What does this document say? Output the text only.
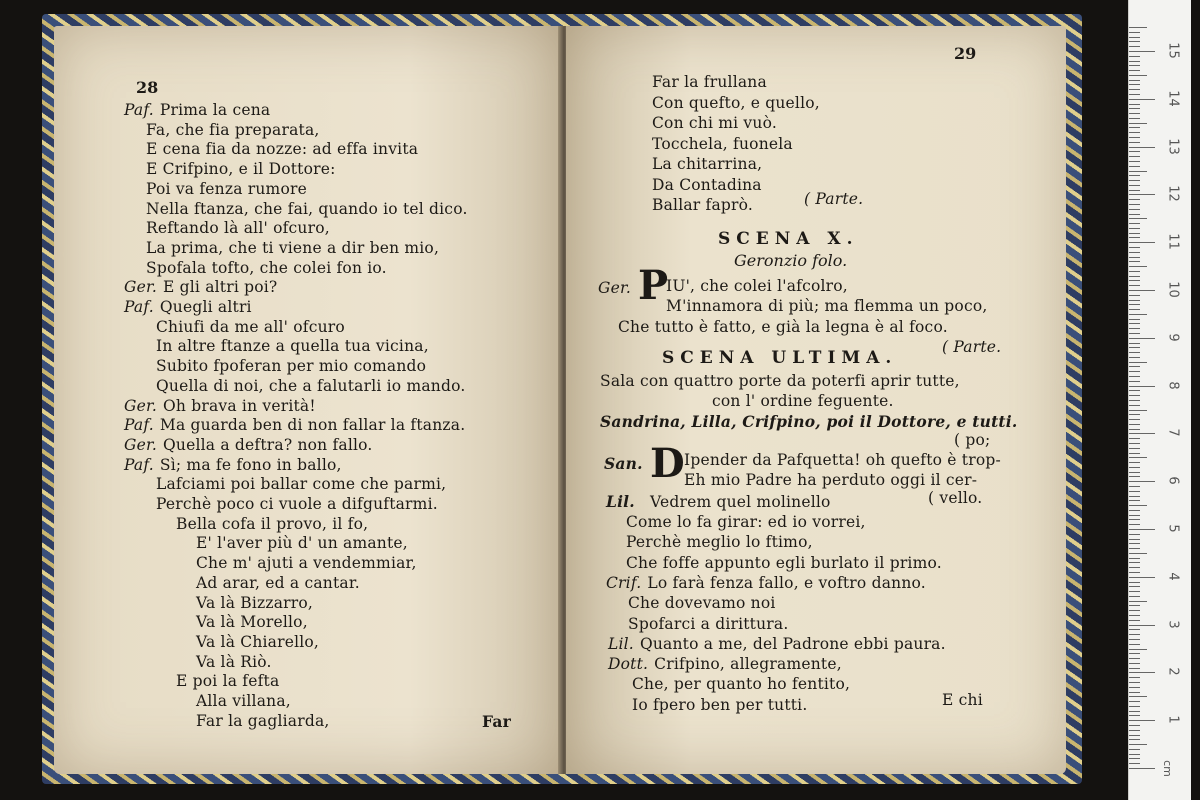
28
Paf. Prima la cena
Fa, che fia preparata,
E cena fia da nozze: ad effa invita
E Crifpino, e il Dottore:
Poi va fenza rumore
Nella ftanza, che fai, quando io tel dico.
Reftando là all' ofcuro,
La prima, che ti viene a dir ben mio,
Spofala tofto, che colei fon io.
Ger. E gli altri poi?
Paf. Quegli altri
Chiufi da me all' ofcuro
In altre ftanze a quella tua vicina,
Subito fpoferan per mio comando
Quella di noi, che a falutarli io mando.
Ger. Oh brava in verità!
Paf. Ma guarda ben di non fallar la ftanza.
Ger. Quella a deftra? non fallo.
Paf. Sì; ma fe fono in ballo,
Lafciami poi ballar come che parmi,
Perchè poco ci vuole a difguftarmi.
Bella cofa il provo, il fo,
E' l'aver più d' un amante,
Che m' ajuti a vendemmiar,
Ad arar, ed a cantar.
Va là Bizzarro,
Va là Morello,
Va là Chiarello,
Va là Riò.
E poi la fefta
Alla villana,
Far la gagliarda,	Far
29
Far la frullana
Con quefto, e quello,
Con chi mi vuò.
Tocchela, fuonela
La chitarrina,
Da Contadina
Ballar faprò.	( Parte.
SCENA X.
Geronzio folo.
Ger. P
IU', che colei l'afcolro,
M'innamora di più; ma flemma un poco,
Che tutto è fatto, e già la legna è al foco.
( Parte.
SCENA ULTIMA.
Sala con quattro porte da poterfi aprir tutte,
con l' ordine feguente.
Sandrina, Lilla, Crifpino, poi il Dottore, e tutti.
( po;
San. D Ipender da Pafquetta! oh quefto è trop-
Eh mio Padre ha perduto oggi il cer-
Lil. Vedrem quel molinello	( vello.
Come lo fa girar: ed io vorrei,
Perchè meglio lo ftimo,
Che foffe appunto egli burlato il primo.
Crif. Lo farà fenza fallo, e voftro danno.
Che dovevamo noi
Spofarci a dirittura.
Lil. Quanto a me, del Padrone ebbi paura.
Dott. Crifpino, allegramente,
Che, per quanto ho fentito,
Io fpero ben per tutti.	E chi
cm
1
2
3
4
5
6
7
8
9
10
11
12
13
14
15
